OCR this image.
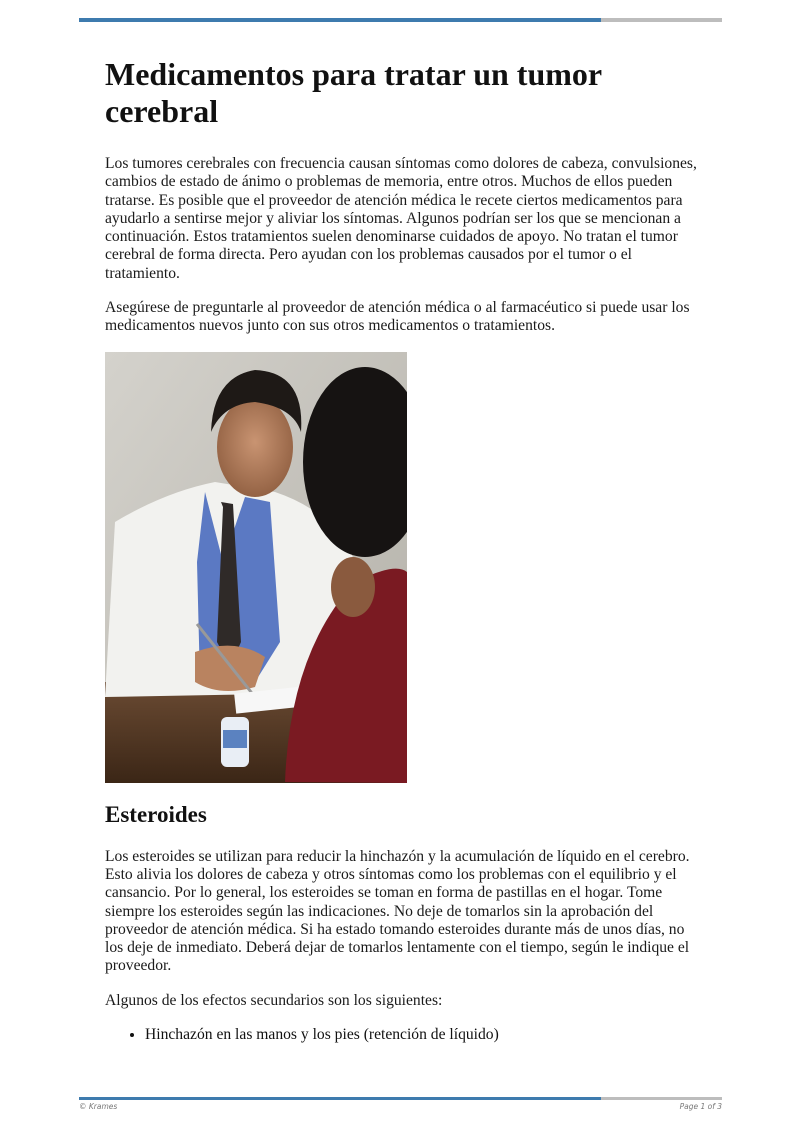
Medicamentos para tratar un tumor cerebral

Los tumores cerebrales con frecuencia causan síntomas como dolores de cabeza, convulsiones, cambios de estado de ánimo o problemas de memoria, entre otros. Muchos de ellos pueden tratarse. Es posible que el proveedor de atención médica le recete ciertos medicamentos para ayudarlo a sentirse mejor y aliviar los síntomas. Algunos podrían ser los que se mencionan a continuación. Estos tratamientos suelen denominarse cuidados de apoyo. No tratan el tumor cerebral de forma directa. Pero ayudan con los problemas causados por el tumor o el tratamiento.

Asegúrese de preguntarle al proveedor de atención médica o al farmacéutico si puede usar los medicamentos nuevos junto con sus otros medicamentos o tratamientos.

Esteroides

Los esteroides se utilizan para reducir la hinchazón y la acumulación de líquido en el cerebro. Esto alivia los dolores de cabeza y otros síntomas como los problemas con el equilibrio y el cansancio. Por lo general, los esteroides se toman en forma de pastillas en el hogar. Tome siempre los esteroides según las indicaciones. No deje de tomarlos sin la aprobación del proveedor de atención médica. Si ha estado tomando esteroides durante más de unos días, no los deje de inmediato. Deberá dejar de tomarlos lentamente con el tiempo, según le indique el proveedor.

Algunos de los efectos secundarios son los siguientes:

• Hinchazón en las manos y los pies (retención de líquido)
© Krames	Page 1 of 3
